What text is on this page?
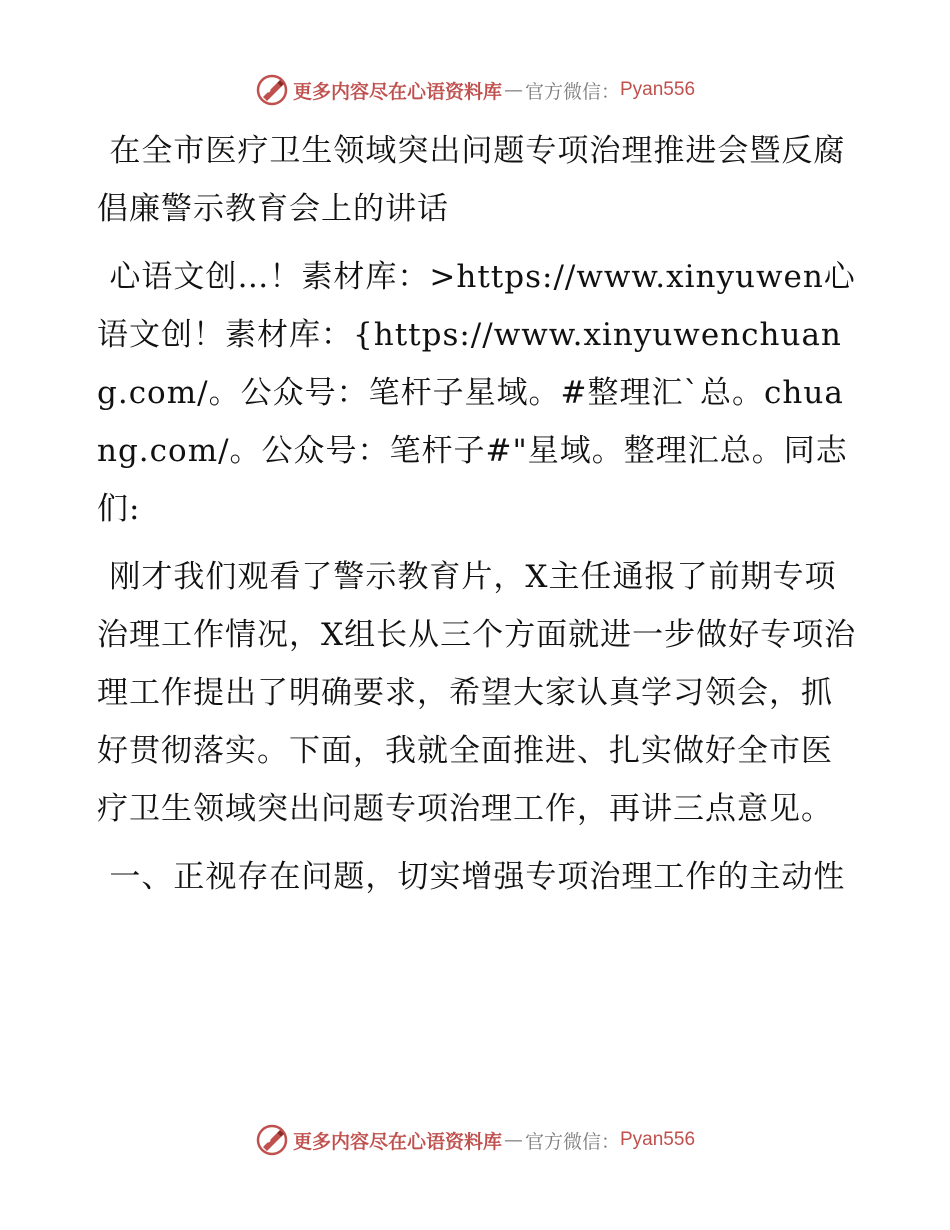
更多内容尽在心语资料库 — 官方微信： Pyan556

在全市医疗卫生领域突出问题专项治理推进会暨反腐倡廉警示教育会上的讲话

心语文创…！素材库：>https://www.xinyuwen心语文创！素材库：{https://www.xinyuwenchuang.com/。公众号：笔杆子星域。#整理汇`总。chuang.com/。公众号：笔杆子#"星域。整理汇总。同志们:

刚才我们观看了警示教育片，X主任通报了前期专项治理工作情况，X组长从三个方面就进一步做好专项治理工作提出了明确要求，希望大家认真学习领会，抓好贯彻落实。下面，我就全面推进、扎实做好全市医疗卫生领域突出问题专项治理工作，再讲三点意见。

一、正视存在问题，切实增强专项治理工作的主动性

更多内容尽在心语资料库 — 官方微信： Pyan556
